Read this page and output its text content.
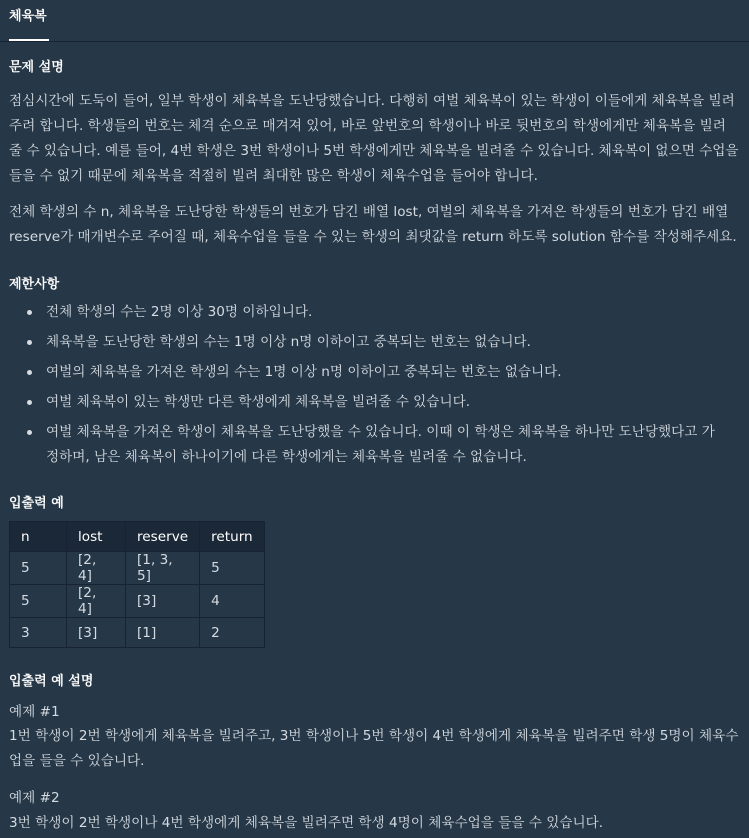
체육복
문제 설명

점심시간에 도둑이 들어, 일부 학생이 체육복을 도난당했습니다. 다행히 여벌 체육복이 있는 학생이 이들에게 체육복을 빌려주려 합니다. 학생들의 번호는 체격 순으로 매겨져 있어, 바로 앞번호의 학생이나 바로 뒷번호의 학생에게만 체육복을 빌려줄 수 있습니다. 예를 들어, 4번 학생은 3번 학생이나 5번 학생에게만 체육복을 빌려줄 수 있습니다. 체육복이 없으면 수업을 들을 수 없기 때문에 체육복을 적절히 빌려 최대한 많은 학생이 체육수업을 들어야 합니다.

전체 학생의 수 n, 체육복을 도난당한 학생들의 번호가 담긴 배열 lost, 여벌의 체육복을 가져온 학생들의 번호가 담긴 배열 reserve가 매개변수로 주어질 때, 체육수업을 들을 수 있는 학생의 최댓값을 return 하도록 solution 함수를 작성해주세요.

제한사항
전체 학생의 수는 2명 이상 30명 이하입니다.
체육복을 도난당한 학생의 수는 1명 이상 n명 이하이고 중복되는 번호는 없습니다.
여벌의 체육복을 가져온 학생의 수는 1명 이상 n명 이하이고 중복되는 번호는 없습니다.
여벌 체육복이 있는 학생만 다른 학생에게 체육복을 빌려줄 수 있습니다.
여벌 체육복을 가져온 학생이 체육복을 도난당했을 수 있습니다. 이때 이 학생은 체육복을 하나만 도난당했다고 가정하며, 남은 체육복이 하나이기에 다른 학생에게는 체육복을 빌려줄 수 없습니다.
입출력 예
n	lost	reserve	return
5	[2, 4]	[1, 3, 5]	5
5	[2, 4]	[3]	4
3	[3]	[1]	2
입출력 예 설명

예제 #1

1번 학생이 2번 학생에게 체육복을 빌려주고, 3번 학생이나 5번 학생이 4번 학생에게 체육복을 빌려주면 학생 5명이 체육수업을 들을 수 있습니다.

예제 #2

3번 학생이 2번 학생이나 4번 학생에게 체육복을 빌려주면 학생 4명이 체육수업을 들을 수 있습니다.
